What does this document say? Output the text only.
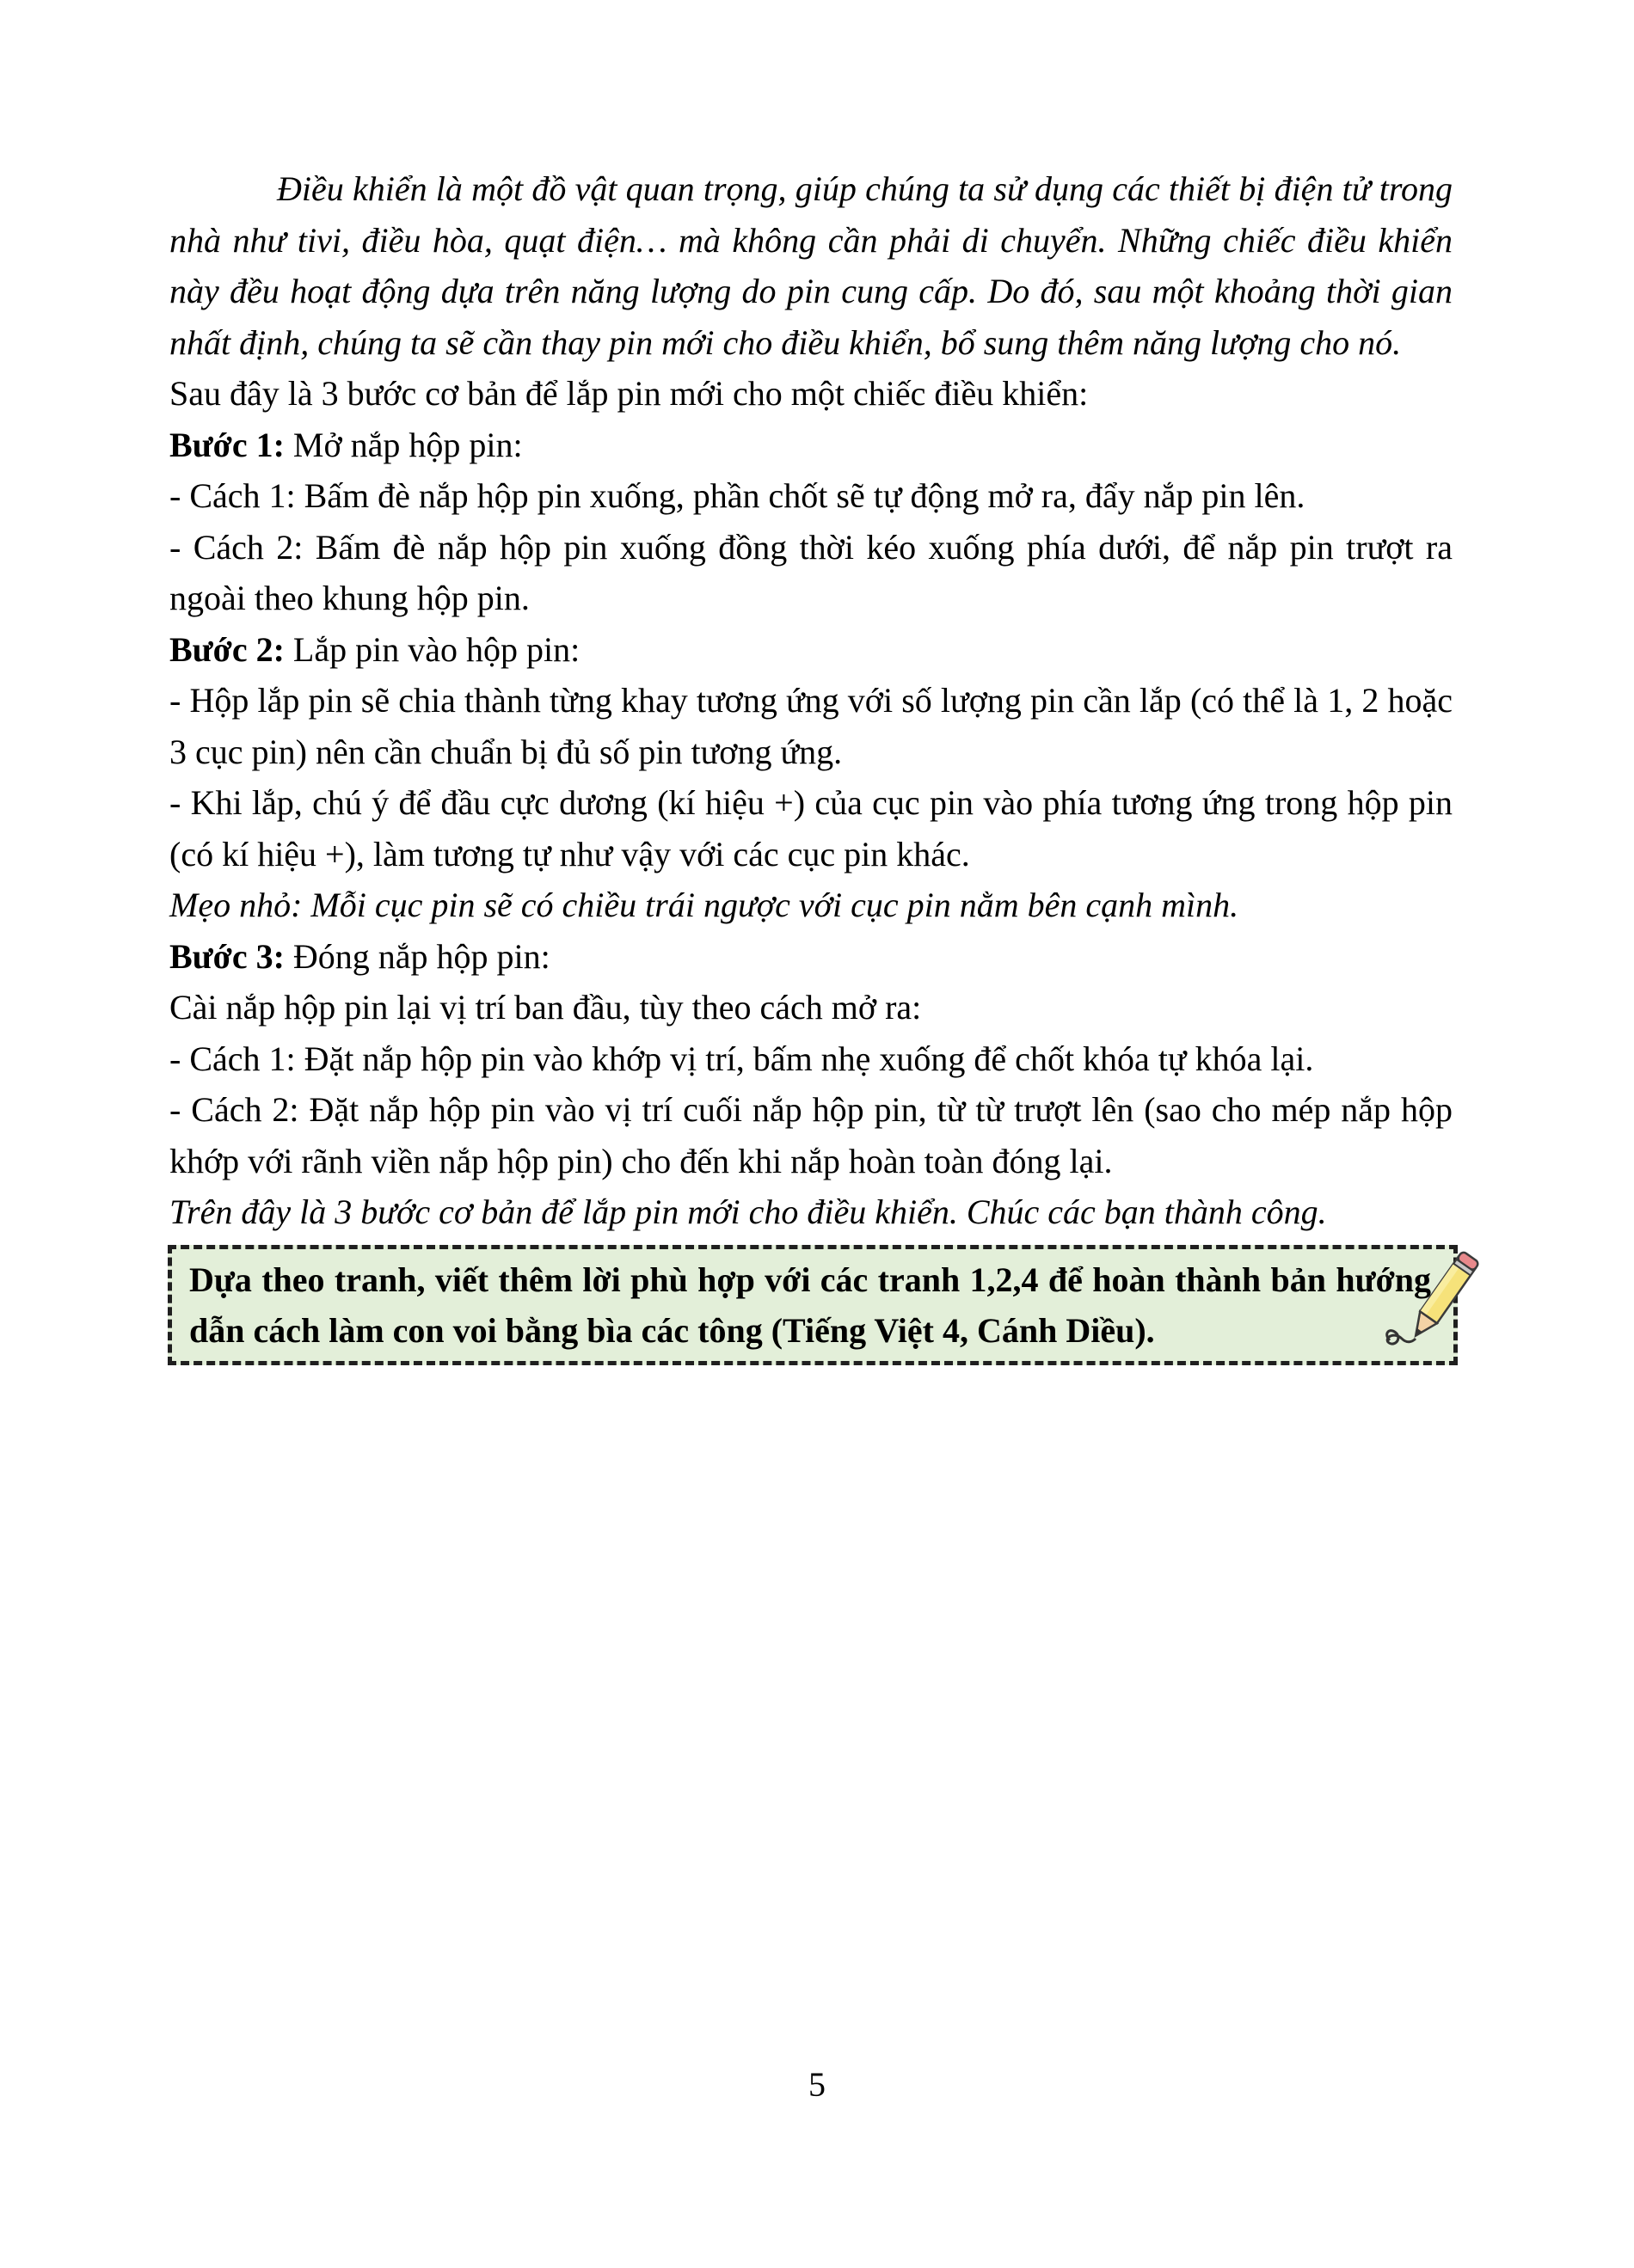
Điều khiển là một đồ vật quan trọng, giúp chúng ta sử dụng các thiết bị điện tử trong nhà như tivi, điều hòa, quạt điện… mà không cần phải di chuyển. Những chiếc điều khiển này đều hoạt động dựa trên năng lượng do pin cung cấp. Do đó, sau một khoảng thời gian nhất định, chúng ta sẽ cần thay pin mới cho điều khiển, bổ sung thêm năng lượng cho nó.

Sau đây là 3 bước cơ bản để lắp pin mới cho một chiếc điều khiển:

Bước 1: Mở nắp hộp pin:

- Cách 1: Bấm đè nắp hộp pin xuống, phần chốt sẽ tự động mở ra, đẩy nắp pin lên.

- Cách 2: Bấm đè nắp hộp pin xuống đồng thời kéo xuống phía dưới, để nắp pin trượt ra ngoài theo khung hộp pin.

Bước 2: Lắp pin vào hộp pin:

- Hộp lắp pin sẽ chia thành từng khay tương ứng với số lượng pin cần lắp (có thể là 1, 2 hoặc 3 cục pin) nên cần chuẩn bị đủ số pin tương ứng.

- Khi lắp, chú ý để đầu cực dương (kí hiệu +) của cục pin vào phía tương ứng trong hộp pin (có kí hiệu +), làm tương tự như vậy với các cục pin khác.

Mẹo nhỏ: Mỗi cục pin sẽ có chiều trái ngược với cục pin nằm bên cạnh mình.

Bước 3: Đóng nắp hộp pin:

Cài nắp hộp pin lại vị trí ban đầu, tùy theo cách mở ra:

- Cách 1: Đặt nắp hộp pin vào khớp vị trí, bấm nhẹ xuống để chốt khóa tự khóa lại.

- Cách 2: Đặt nắp hộp pin vào vị trí cuối nắp hộp pin, từ từ trượt lên (sao cho mép nắp hộp khớp với rãnh viền nắp hộp pin) cho đến khi nắp hoàn toàn đóng lại.

Trên đây là 3 bước cơ bản để lắp pin mới cho điều khiển. Chúc các bạn thành công.

Dựa theo tranh, viết thêm lời phù hợp với các tranh 1,2,4 để hoàn thành bản hướng dẫn cách làm con voi bằng bìa các tông (Tiếng Việt 4, Cánh Diều).

5
